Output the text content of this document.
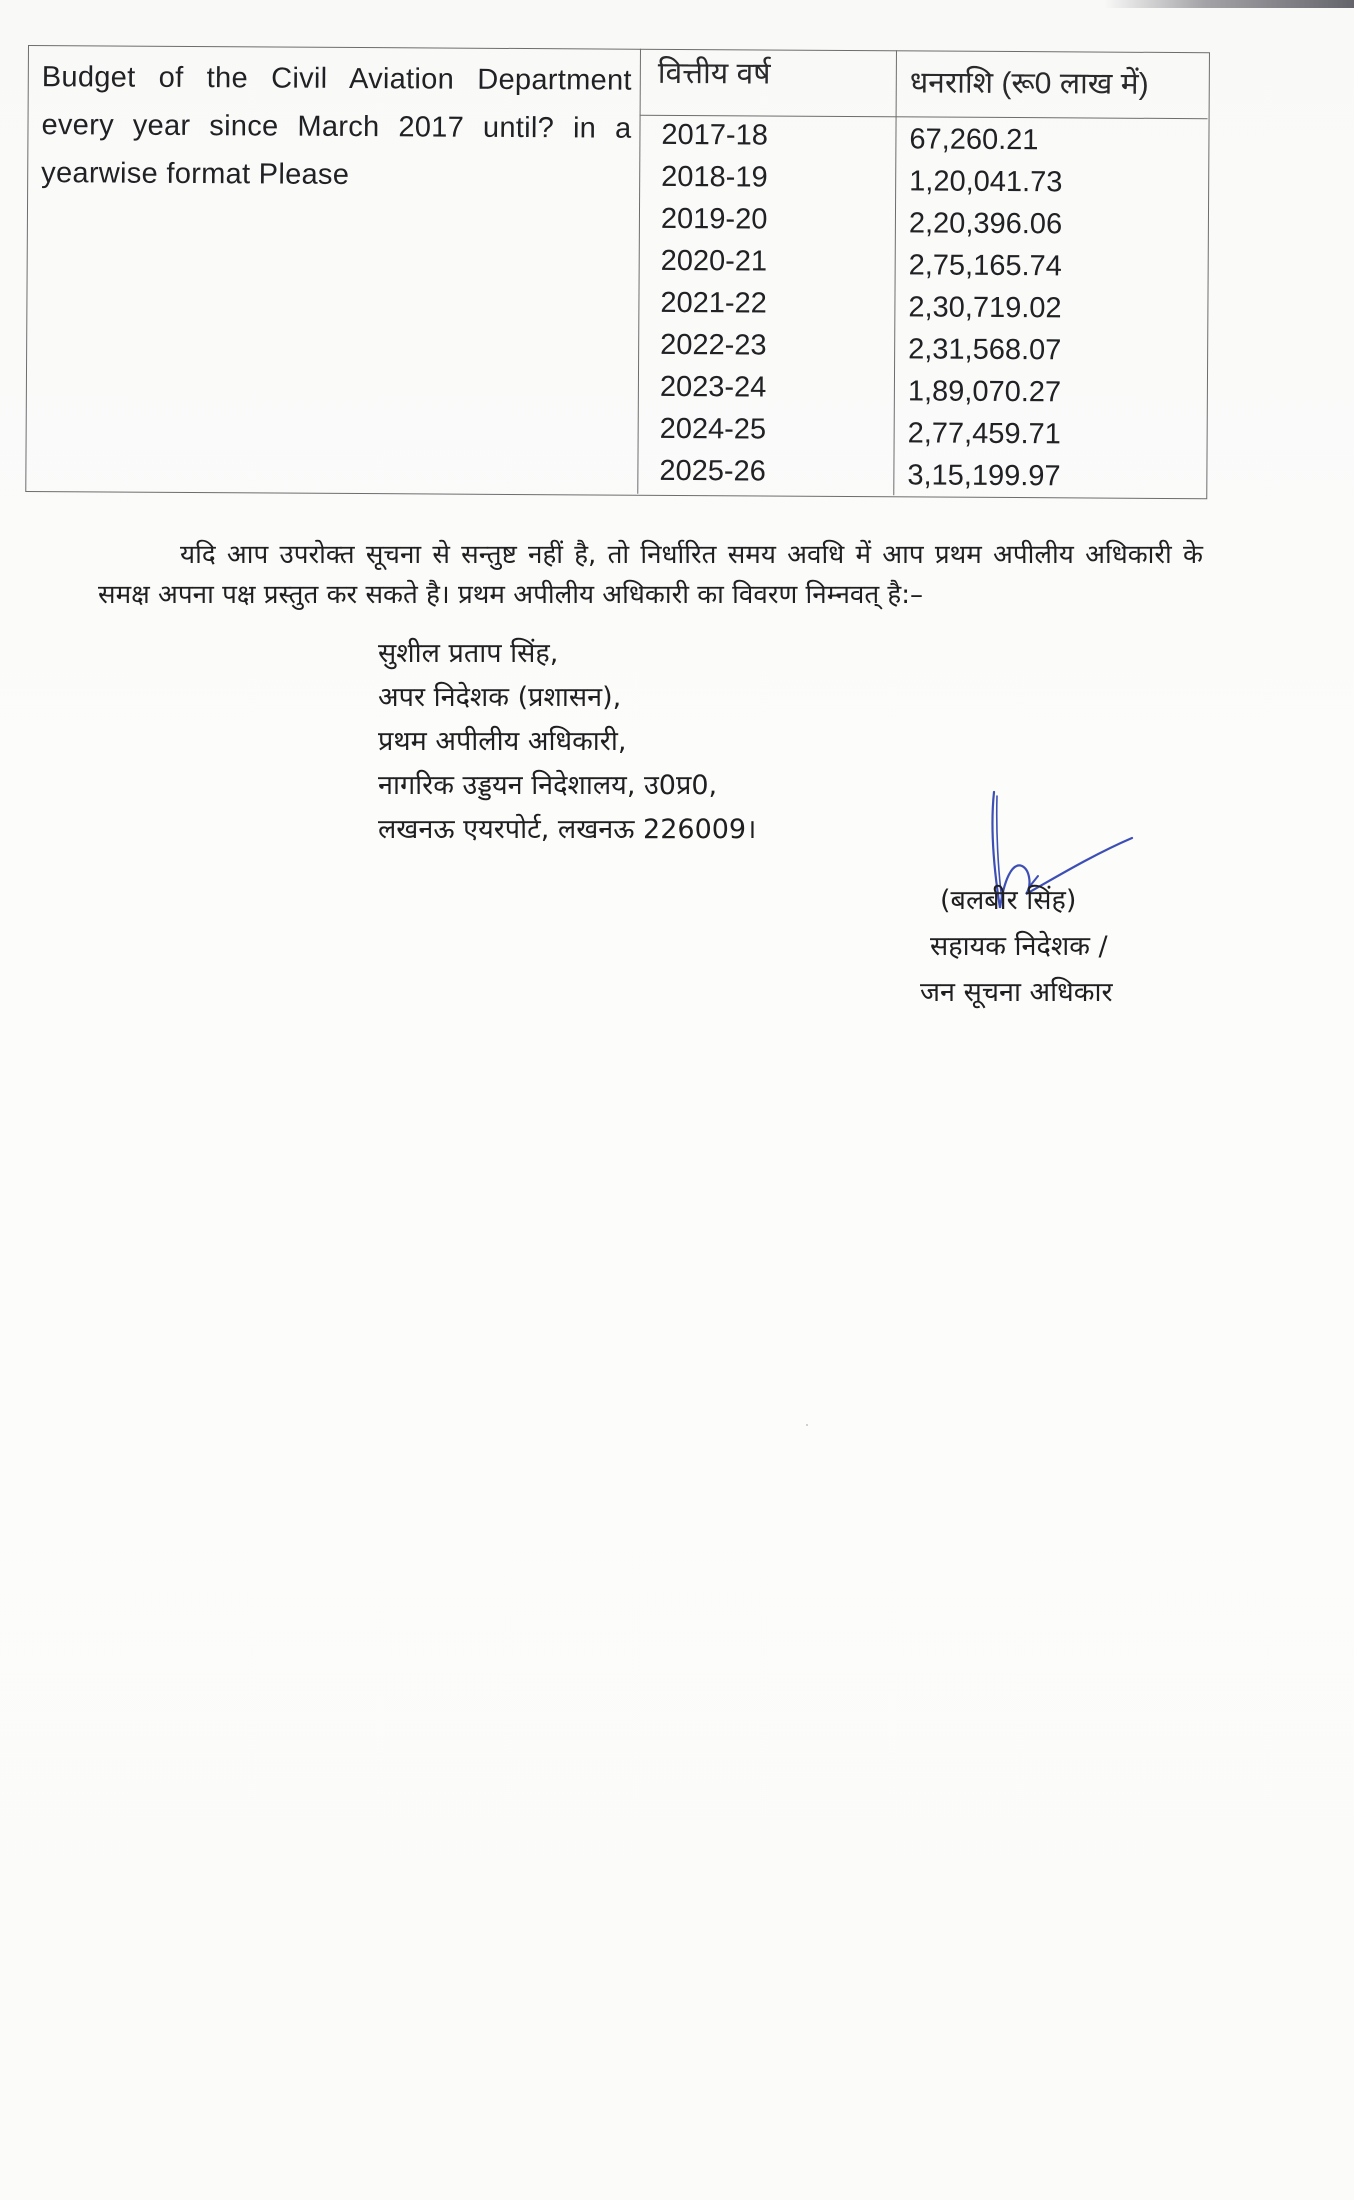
Budget of the Civil Aviation Department every year since March 2017 until? in a yearwise format Please
वित्तीय वर्ष	धनराशि (रू0 लाख में)
2017-18
2018-19
2019-20
2020-21
2021-22
2022-23
2023-24
2024-25
2025-26
67,260.21
1,20,041.73
2,20,396.06
2,75,165.74
2,30,719.02
2,31,568.07
1,89,070.27
2,77,459.71
3,15,199.97
यदि आप उपरोक्त सूचना से सन्तुष्ट नहीं है, तो निर्धारित समय अवधि में आप प्रथम अपीलीय अधिकारी के समक्ष अपना पक्ष प्रस्तुत कर सकते है। प्रथम अपीलीय अधिकारी का विवरण निम्नवत् है:–
सुशील प्रताप सिंह,
अपर निदेशक (प्रशासन),
प्रथम अपीलीय अधिकारी,
नागरिक उड्डयन निदेशालय, उ0प्र0,
लखनऊ एयरपोर्ट, लखनऊ 226009।
(बलबीर सिंह)
सहायक निदेशक /
जन सूचना अधिकार
